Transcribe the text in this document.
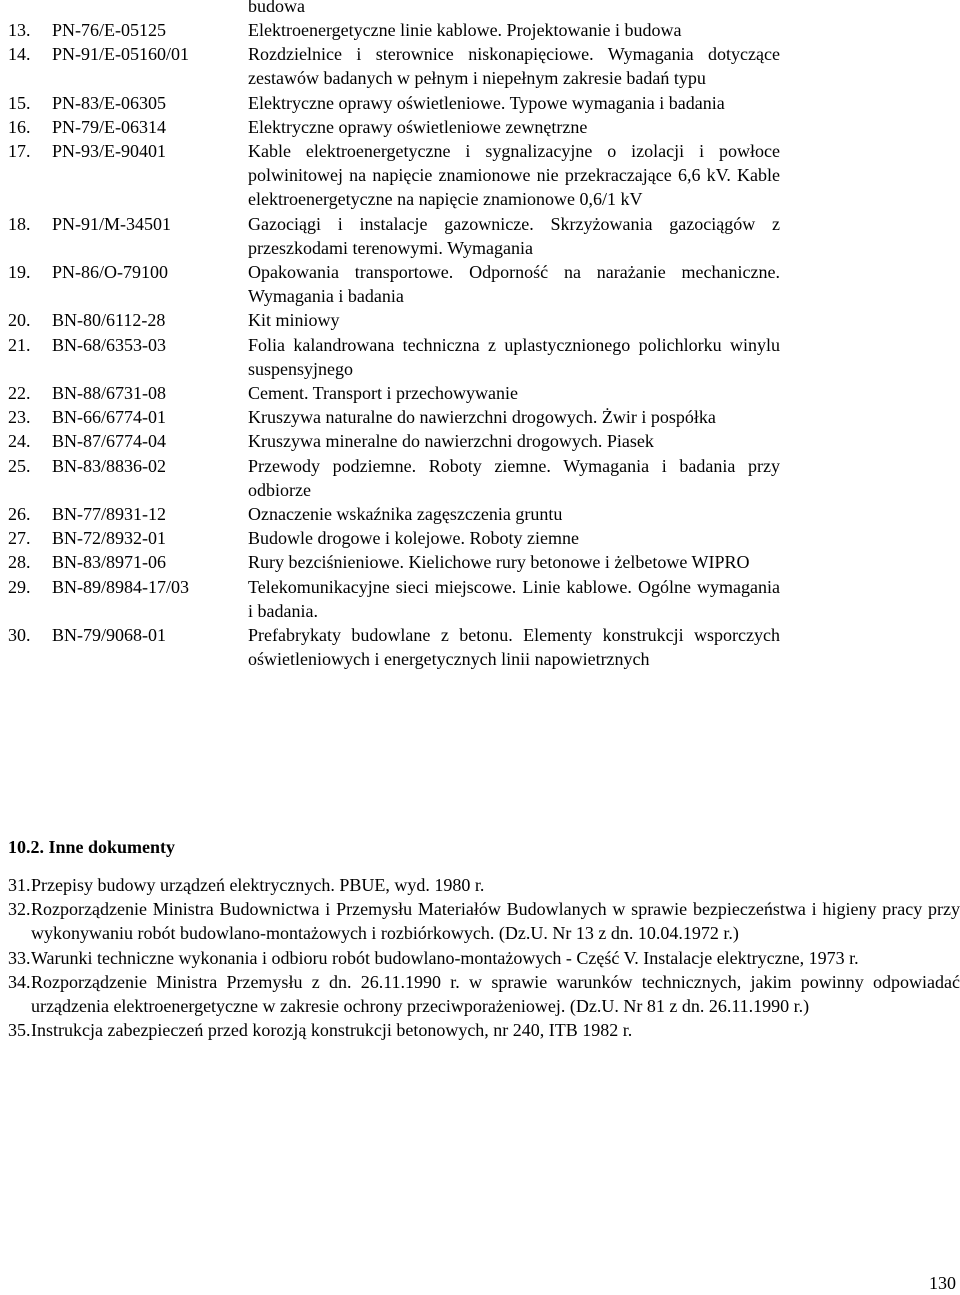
budowa
13.	PN-76/E-05125	Elektroenergetyczne linie kablowe. Projektowanie i budowa
14.	PN-91/E-05160/01	Rozdzielnice i sterownice niskonapięciowe. Wymagania dotyczące zestawów badanych w pełnym i niepełnym zakresie badań typu
15.	PN-83/E-06305	Elektryczne oprawy oświetleniowe. Typowe wymagania i badania
16.	PN-79/E-06314	Elektryczne oprawy oświetleniowe zewnętrzne
17.	PN-93/E-90401	Kable elektroenergetyczne i sygnalizacyjne o izolacji i powłoce polwinitowej na napięcie znamionowe nie przekraczające 6,6 kV. Kable elektroenergetyczne na napięcie znamionowe 0,6/1 kV
18.	PN-91/M-34501	Gazociągi i instalacje gazownicze. Skrzyżowania gazociągów z przeszkodami terenowymi. Wymagania
19.	PN-86/O-79100	Opakowania transportowe. Odporność na narażanie mechaniczne. Wymagania i badania
20.	BN-80/6112-28	Kit miniowy
21.	BN-68/6353-03	Folia kalandrowana techniczna z uplastycznionego polichlorku winylu suspensyjnego
22.	BN-88/6731-08	Cement. Transport i przechowywanie
23.	BN-66/6774-01	Kruszywa naturalne do nawierzchni drogowych. Żwir i pospółka
24.	BN-87/6774-04	Kruszywa mineralne do nawierzchni drogowych. Piasek
25.	BN-83/8836-02	Przewody podziemne. Roboty ziemne. Wymagania i badania przy odbiorze
26.	BN-77/8931-12	Oznaczenie wskaźnika zagęszczenia gruntu
27.	BN-72/8932-01	Budowle drogowe i kolejowe. Roboty ziemne
28.	BN-83/8971-06	Rury bezciśnieniowe. Kielichowe rury betonowe i żelbetowe WIPRO
29.	BN-89/8984-17/03	Telekomunikacyjne sieci miejscowe. Linie kablowe. Ogólne wymagania i badania.
30.	BN-79/9068-01	Prefabrykaty budowlane z betonu. Elementy konstrukcji wsporczych oświetleniowych i energetycznych linii napowietrznych
10.2. Inne dokumenty
31. Przepisy budowy urządzeń elektrycznych. PBUE, wyd. 1980 r.
32. Rozporządzenie Ministra Budownictwa i Przemysłu Materiałów Budowlanych w sprawie bezpieczeństwa i higieny pracy przy wykonywaniu robót budowlano-montażowych i rozbiórkowych. (Dz.U. Nr 13 z dn. 10.04.1972 r.)
33. Warunki techniczne wykonania i odbioru robót budowlano-montażowych - Część V. Instalacje elektryczne, 1973 r.
34. Rozporządzenie Ministra Przemysłu z dn. 26.11.1990 r. w sprawie warunków technicznych, jakim powinny odpowiadać urządzenia elektroenergetyczne w zakresie ochrony przeciwporażeniowej. (Dz.U. Nr 81 z dn. 26.11.1990 r.)
35. Instrukcja zabezpieczeń przed korozją konstrukcji betonowych, nr 240, ITB 1982 r.
130
